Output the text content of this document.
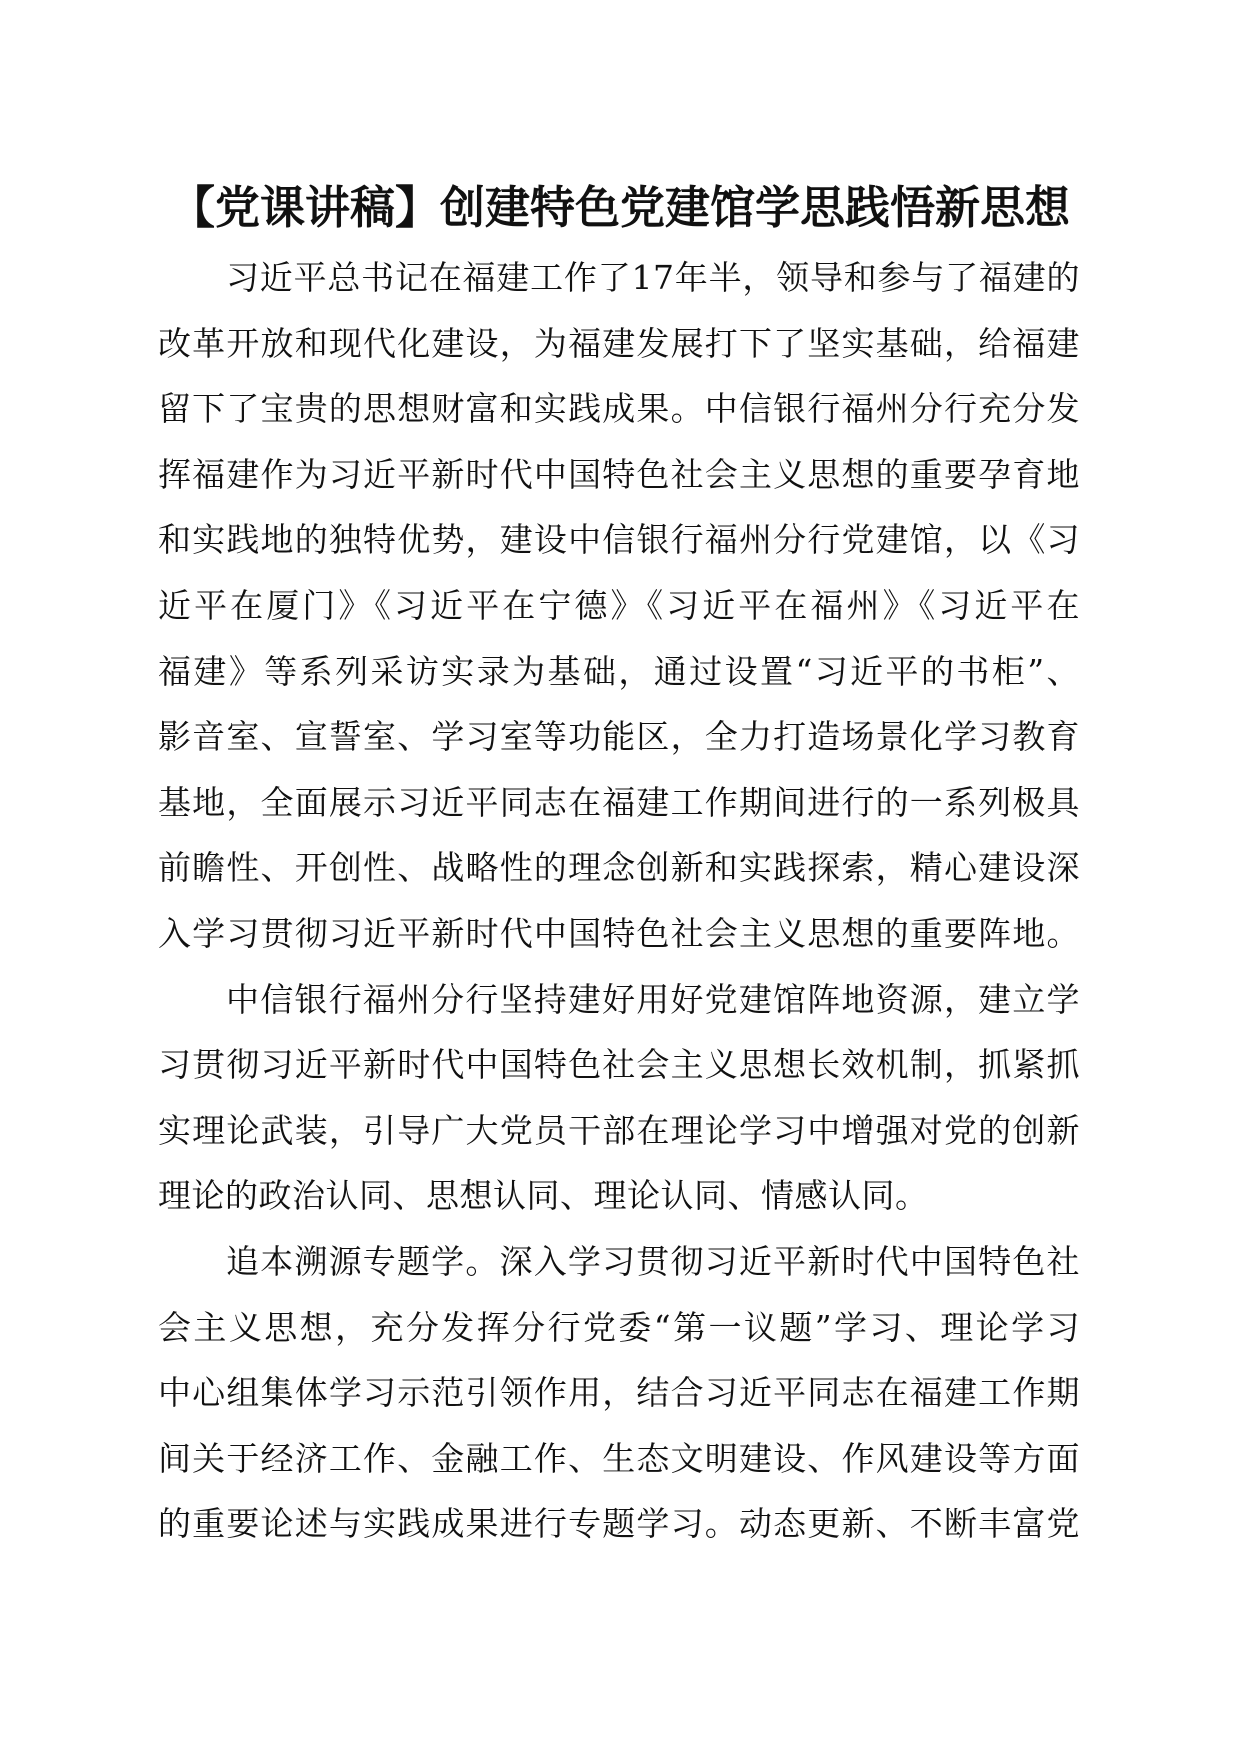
【党课讲稿】创建特色党建馆学思践悟新思想
习近平总书记在福建工作了17年半，领导和参与了福建的
改革开放和现代化建设，为福建发展打下了坚实基础，给福建
留下了宝贵的思想财富和实践成果。中信银行福州分行充分发
挥福建作为习近平新时代中国特色社会主义思想的重要孕育地
和实践地的独特优势，建设中信银行福州分行党建馆，以《习
近平在厦门》《习近平在宁德》《习近平在福州》《习近平在
福建》等系列采访实录为基础，通过设置“习近平的书柜”、
影音室、宣誓室、学习室等功能区，全力打造场景化学习教育
基地，全面展示习近平同志在福建工作期间进行的一系列极具
前瞻性、开创性、战略性的理念创新和实践探索，精心建设深
入学习贯彻习近平新时代中国特色社会主义思想的重要阵地。
中信银行福州分行坚持建好用好党建馆阵地资源，建立学
习贯彻习近平新时代中国特色社会主义思想长效机制，抓紧抓
实理论武装，引导广大党员干部在理论学习中增强对党的创新
理论的政治认同、思想认同、理论认同、情感认同。
追本溯源专题学。深入学习贯彻习近平新时代中国特色社
会主义思想，充分发挥分行党委“第一议题”学习、理论学习
中心组集体学习示范引领作用，结合习近平同志在福建工作期
间关于经济工作、金融工作、生态文明建设、作风建设等方面
的重要论述与实践成果进行专题学习。动态更新、不断丰富党
